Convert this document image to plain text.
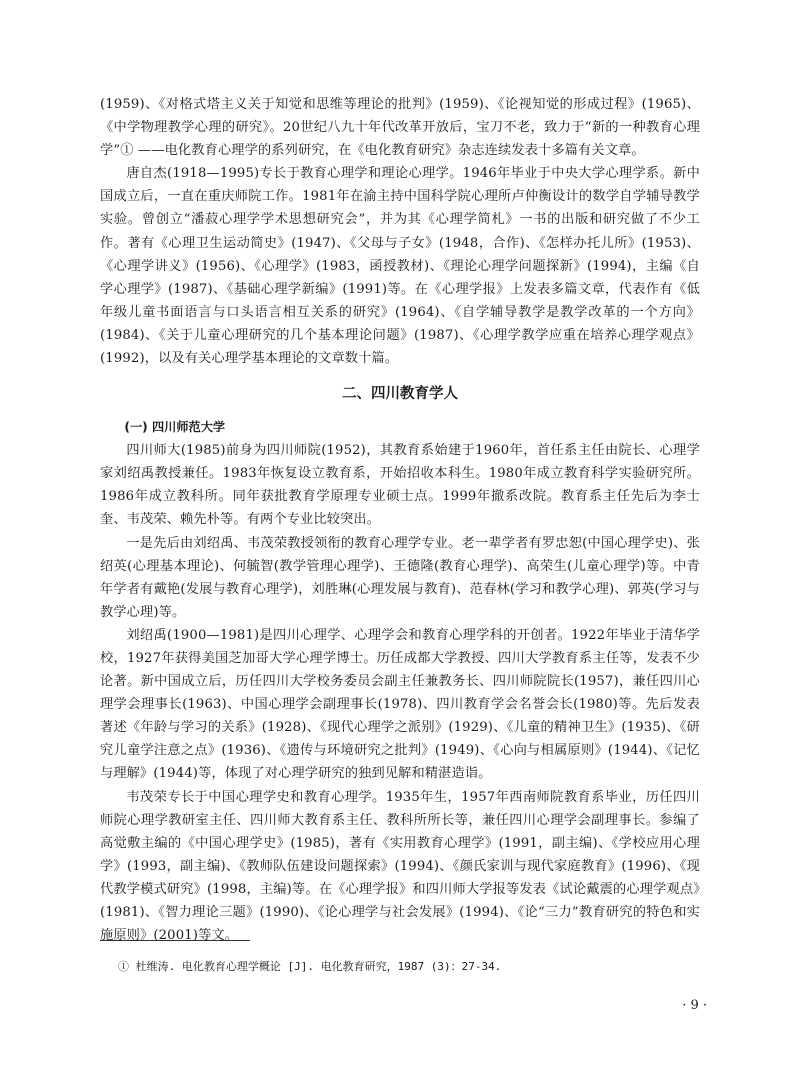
(1959)、《对格式塔主义关于知觉和思维等理论的批判》(1959)、《论视知觉的形成过程》(1965)、《中学物理教学心理的研究》。20世纪八九十年代改革开放后，宝刀不老，致力于“新的一种教育心理学”① ——电化教育心理学的系列研究，在《电化教育研究》杂志连续发表十多篇有关文章。

唐自杰(1918—1995)专长于教育心理学和理论心理学。1946年毕业于中央大学心理学系。新中国成立后，一直在重庆师院工作。1981年在渝主持中国科学院心理所卢仲衡设计的数学自学辅导教学实验。曾创立“潘菽心理学学术思想研究会”，并为其《心理学简札》一书的出版和研究做了不少工作。著有《心理卫生运动简史》(1947)、《父母与子女》(1948，合作)、《怎样办托儿所》(1953)、《心理学讲义》(1956)、《心理学》(1983，函授教材)、《理论心理学问题探新》(1994)，主编《自学心理学》(1987)、《基础心理学新编》(1991)等。在《心理学报》上发表多篇文章，代表作有《低年级儿童书面语言与口头语言相互关系的研究》(1964)、《自学辅导教学是教学改革的一个方向》(1984)、《关于儿童心理研究的几个基本理论问题》(1987)、《心理学教学应重在培养心理学观点》(1992)，以及有关心理学基本理论的文章数十篇。

二、四川教育学人
(一) 四川师范大学

四川师大(1985)前身为四川师院(1952)，其教育系始建于1960年，首任系主任由院长、心理学家刘绍禹教授兼任。1983年恢复设立教育系，开始招收本科生。1980年成立教育科学实验研究所。1986年成立教科所。同年获批教育学原理专业硕士点。1999年撤系改院。教育系主任先后为李士奎、韦茂荣、赖先朴等。有两个专业比较突出。

一是先后由刘绍禹、韦茂荣教授领衔的教育心理学专业。老一辈学者有罗忠恕(中国心理学史)、张绍英(心理基本理论)、何毓智(教学管理心理学)、王德隆(教育心理学)、高荣生(儿童心理学)等。中青年学者有戴艳(发展与教育心理学)，刘胜琳(心理发展与教育)、范春林(学习和教学心理)、郭英(学习与教学心理)等。

刘绍禹(1900—1981)是四川心理学、心理学会和教育心理学科的开创者。1922年毕业于清华学校，1927年获得美国芝加哥大学心理学博士。历任成都大学教授、四川大学教育系主任等，发表不少论著。新中国成立后，历任四川大学校务委员会副主任兼教务长、四川师院院长(1957)，兼任四川心理学会理事长(1963)、中国心理学会副理事长(1978)、四川教育学会名誉会长(1980)等。先后发表著述《年龄与学习的关系》(1928)、《现代心理学之派别》(1929)、《儿童的精神卫生》(1935)、《研究儿童学注意之点》(1936)、《遗传与环境研究之批判》(1949)、《心向与相属原则》(1944)、《记忆与理解》(1944)等，体现了对心理学研究的独到见解和精湛造诣。

韦茂荣专长于中国心理学史和教育心理学。1935年生，1957年西南师院教育系毕业，历任四川师院心理学教研室主任、四川师大教育系主任、教科所所长等，兼任四川心理学会副理事长。参编了高觉敷主编的《中国心理学史》(1985)，著有《实用教育心理学》(1991，副主编)、《学校应用心理学》(1993，副主编)、《教师队伍建设问题探索》(1994)、《颜氏家训与现代家庭教育》(1996)、《现代教学模式研究》(1998，主编)等。在《心理学报》和四川师大学报等发表《试论戴震的心理学观点》(1981)、《智力理论三题》(1990)、《论心理学与社会发展》(1994)、《论“三力”教育研究的特色和实施原则》(2001)等文。

① 杜维涛. 电化教育心理学概论 [J]. 电化教育研究，1987 (3)：27-34.

· 9 ·
